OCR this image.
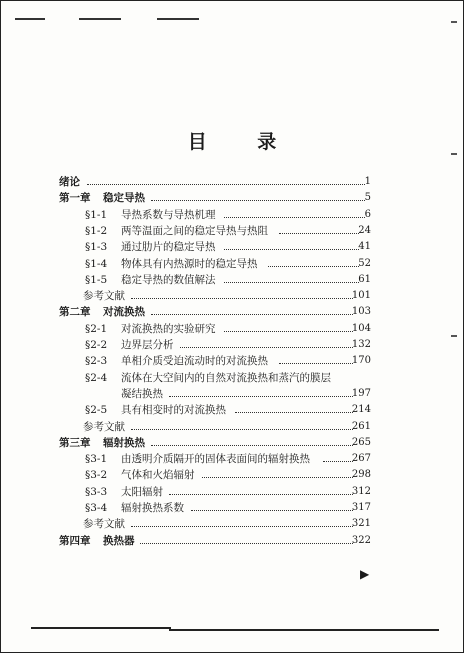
目 录
绪论	1
第一章 稳定导热	5
§1-1 导热系数与导热机理	6
§1-2 两等温面之间的稳定导热与热阻	24
§1-3 通过肋片的稳定导热	41
§1-4 物体具有内热源时的稳定导热	52
§1-5 稳定导热的数值解法	61
参考文献	101
第二章 对流换热	103
§2-1 对流换热的实验研究	104
§2-2 边界层分析	132
§2-3 单相介质受迫流动时的对流换热	170
§2-4 流体在大空间内的自然对流换热和蒸汽的膜层
凝结换热	197
§2-5 具有相变时的对流换热	214
参考文献	261
第三章 辐射换热	265
§3-1 由透明介质隔开的固体表面间的辐射换热	267
§3-2 气体和火焰辐射	298
§3-3 太阳辐射	312
§3-4 辐射换热系数	317
参考文献	321
第四章 换热器	322
▶
